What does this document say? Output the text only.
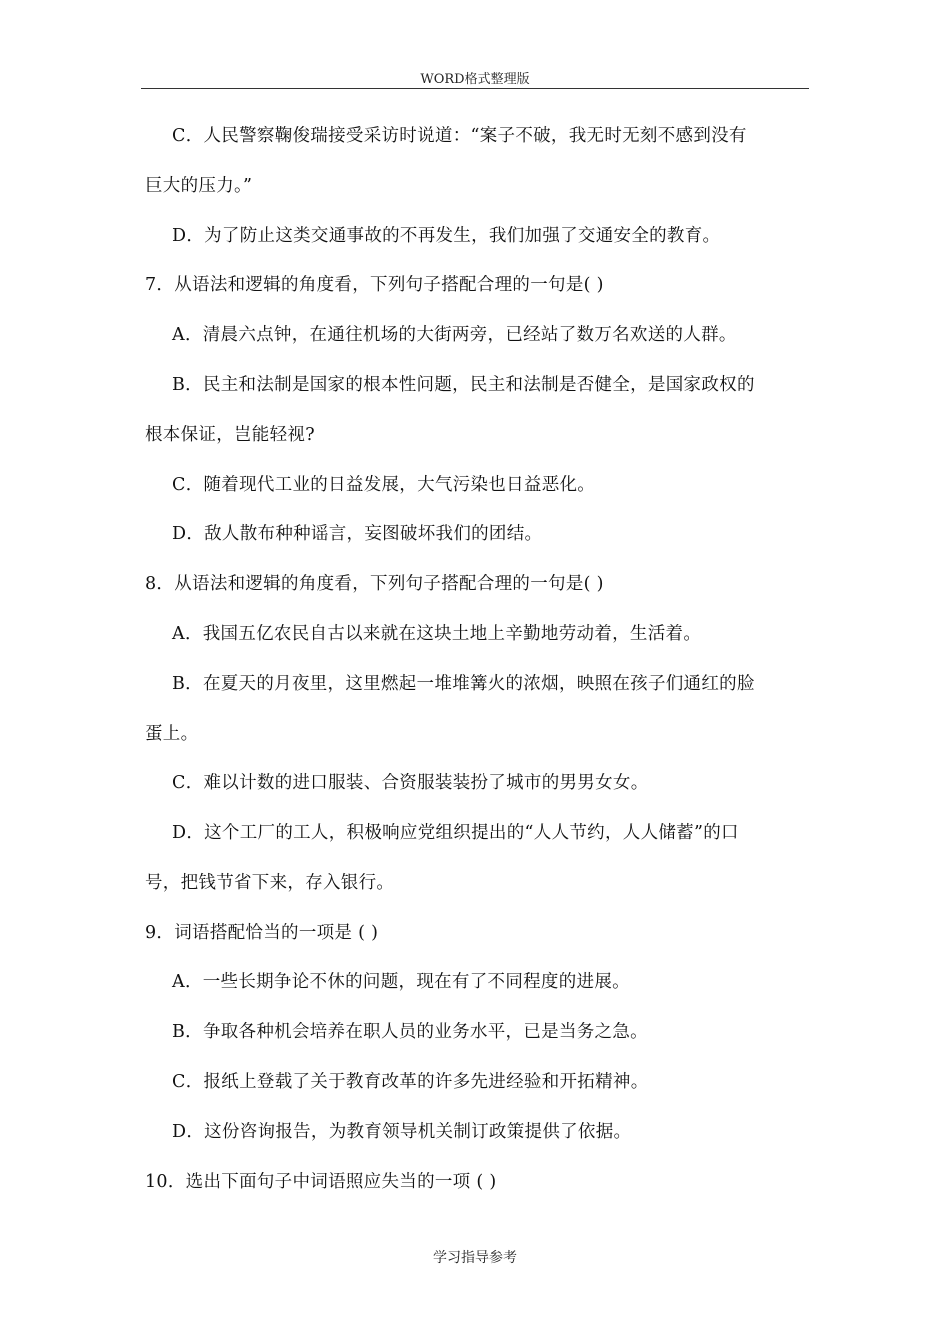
WORD格式整理版
C．人民警察鞠俊瑞接受采访时说道：“案子不破，我无时无刻不感到没有
巨大的压力。”
D．为了防止这类交通事故的不再发生，我们加强了交通安全的教育。
7．从语法和逻辑的角度看，下列句子搭配合理的一句是( )
A．清晨六点钟，在通往机场的大街两旁，已经站了数万名欢送的人群。
B．民主和法制是国家的根本性问题，民主和法制是否健全，是国家政权的
根本保证，岂能轻视?
C．随着现代工业的日益发展，大气污染也日益恶化。
D．敌人散布种种谣言，妄图破坏我们的团结。
8．从语法和逻辑的角度看，下列句子搭配合理的一句是( )
A．我国五亿农民自古以来就在这块土地上辛勤地劳动着，生活着。
B．在夏天的月夜里，这里燃起一堆堆篝火的浓烟，映照在孩子们通红的脸
蛋上。
C．难以计数的进口服装、合资服装装扮了城市的男男女女。
D．这个工厂的工人，积极响应党组织提出的“人人节约，人人储蓄”的口
号，把钱节省下来，存入银行。
9．词语搭配恰当的一项是 ( )
A．一些长期争论不休的问题，现在有了不同程度的进展。
B．争取各种机会培养在职人员的业务水平，已是当务之急。
C．报纸上登载了关于教育改革的许多先进经验和开拓精神。
D．这份咨询报告，为教育领导机关制订政策提供了依据。
10．选出下面句子中词语照应失当的一项 ( )
学习指导参考
